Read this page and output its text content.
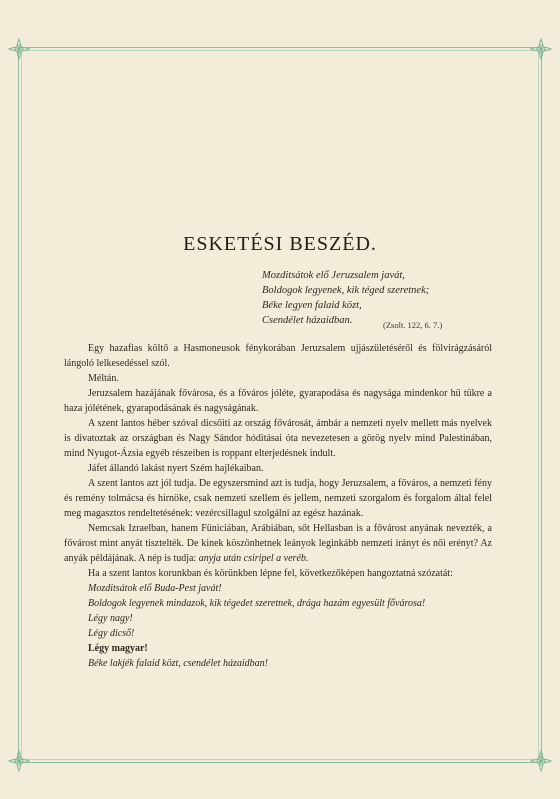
ESKETÉSI BESZÉD.
Mozditsátok elő Jeruzsalem javát,
Boldogok legyenek, kik téged szeretnek;
Béke legyen falaid közt,
Csendélet házaidban.	(Zsolt. 122, 6. 7.)

Egy hazafias költő a Hasmoneusok fénykorában Jeruzsalem ujjászületéséről és fölvirágzásáról lángoló lelkesedéssel szól.

Méltán.

Jeruzsalem hazájának fővárosa, és a főváros jóléte, gyarapodása és nagysága mindenkor hű tükre a haza jólétének, gyarapodásának és nagyságának.

A szent lantos héber szóval dicsőiti az ország fővárosát, ámbár a nemzeti nyelv mellett más nyelvek is divatoztak az országban és Nagy Sándor hóditásai óta nevezetesen a görög nyelv mind Palestinában, mind Nyugot-Ázsia egyéb részeiben is roppant elterjedésnek indult.

Jáfet állandó lakást nyert Szém hajlékaiban.

A szent lantos azt jól tudja. De egyszersmind azt is tudja, hogy Jeruzsalem, a főváros, a nemzeti fény és remény tolmácsa és hirnöke, csak nemzeti szellem és jellem, nemzeti szorgalom és forgalom által felel meg magasztos rendeltetésének: vezércsillagul szolgálni az egész hazának.

Nemcsak Izraelban, hanem Füniciában, Arábiában, sőt Hellasban is a fővárost anyának nevezték, a fővárost mint anyát tisztelték. De kinek köszönhetnek leányok leginkább nemzeti irányt és női erényt? Az anyák példájának. A nép is tudja: anyja után csiripel a veréb.

Ha a szent lantos korunkban és körünkben lépne fel, következőképen hangoztatná szózatát:

Mozditsátok elő Buda-Pest javát!

Boldogok legyenek mindazok, kik tégedet szeretnek, drága hazám egyesült fővárosa!

Légy nagy!

Légy dicső!

Légy magyar!

Béke lakjék falaid közt, csendélet házaidban!
